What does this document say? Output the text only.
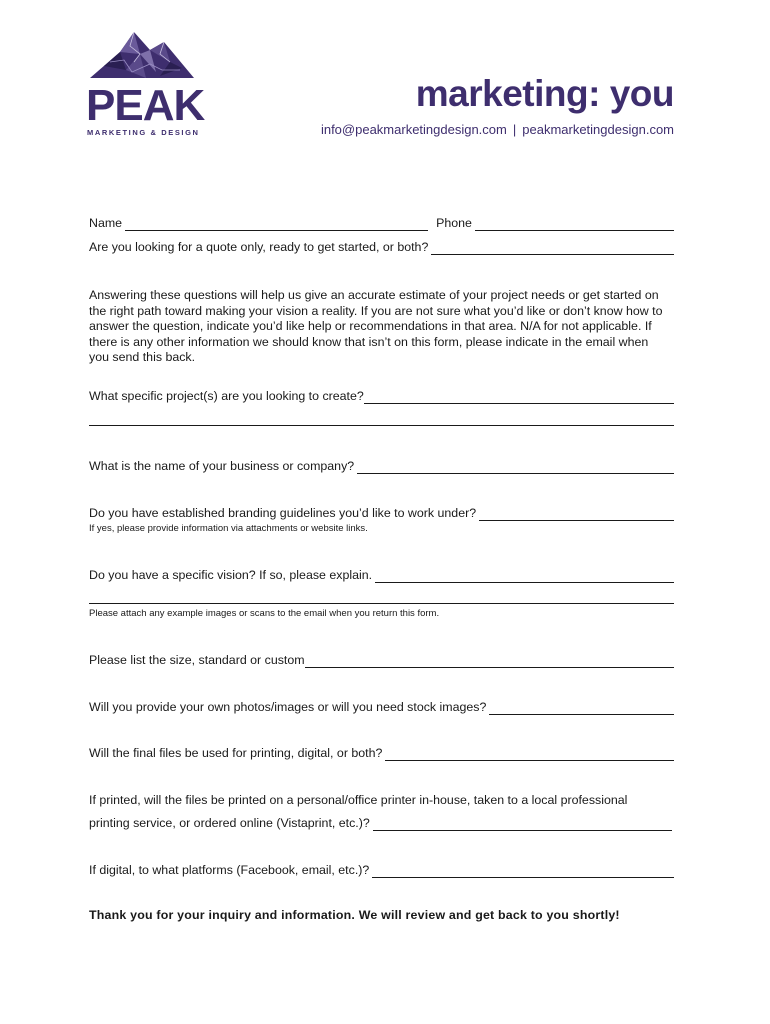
PEAK
MARKETING & DESIGN
marketing: you
info@peakmarketingdesign.com | peakmarketingdesign.com
Name	Phone
Are you looking for a quote only, ready to get started, or both?
Answering these questions will help us give an accurate estimate of your project needs or get started on
the right path toward making your vision a reality. If you are not sure what you’d like or don’t know how to
answer the question, indicate you’d like help or recommendations in that area. N/A for not applicable. If
there is any other information we should know that isn’t on this form, please indicate in the email when
you send this back.
What specific project(s) are you looking to create?
What is the name of your business or company?
Do you have established branding guidelines you’d like to work under?
If yes, please provide information via attachments or website links.
Do you have a specific vision? If so, please explain.
Please attach any example images or scans to the email when you return this form.
Please list the size, standard or custom
Will you provide your own photos/images or will you need stock images?
Will the final files be used for printing, digital, or both?
If printed, will the files be printed on a personal/office printer in-house, taken to a local professional
printing service, or ordered online (Vistaprint, etc.)?
If digital, to what platforms (Facebook, email, etc.)?
Thank you for your inquiry and information. We will review and get back to you shortly!
